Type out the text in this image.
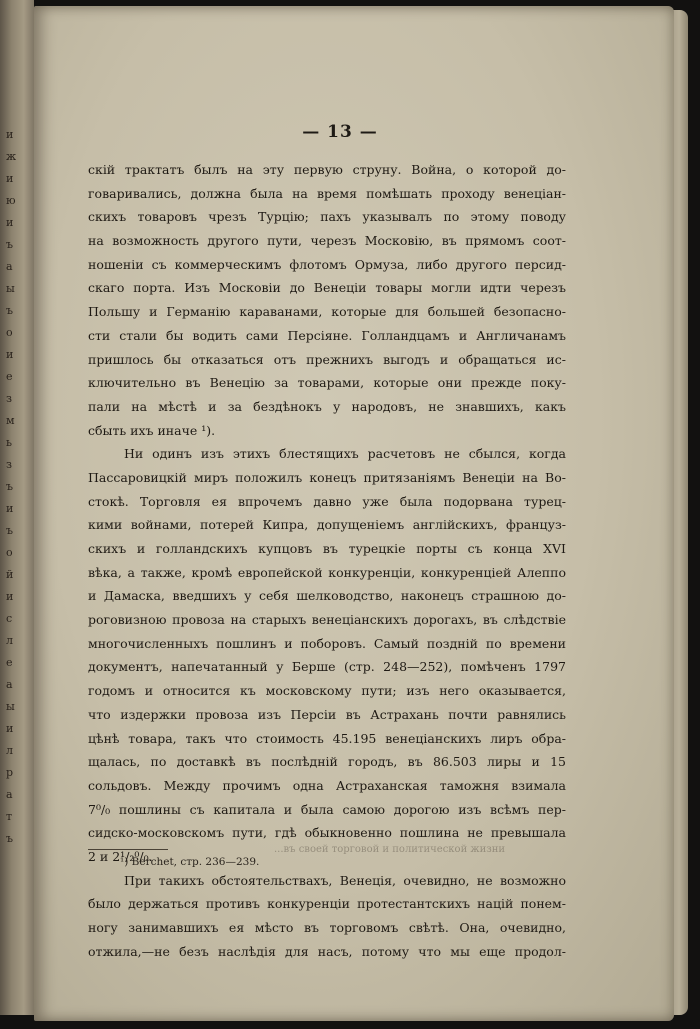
и
ж
и
ю
и
ъ
а
ы
ъ
о
и
е
з
м
ь
з
ъ
и
ъ
о
й
и
с
л
е
а
ы
и
л
р
а
т
ъ
— 13 —
скій трактатъ былъ на эту первую струну. Война, о которой до-
говаривались, должна была на время помѣшать проходу венеціан-
скихъ товаровъ чрезъ Турцію; пахъ указывалъ по этому поводу
на возможность другого пути, черезъ Московію, въ прямомъ соот-
ношеніи съ коммерческимъ флотомъ Ормуза, либо другого персид-
скаго порта. Изъ Московіи до Венеціи товары могли идти черезъ
Польшу и Германію караванами, которые для большей безопасно-
сти стали бы водить сами Персіяне. Голландцамъ и Англичанамъ
пришлось бы отказаться отъ прежнихъ выгодъ и обращаться ис-
ключительно въ Венецію за товарами, которые они прежде поку-
пали на мѣстѣ и за бездѣнокъ у народовъ, не знавшихъ, какъ
сбыть ихъ иначе ¹).
Ни одинъ изъ этихъ блестящихъ расчетовъ не сбылся, когда
Пассаровицкій миръ положилъ конецъ притязаніямъ Венеціи на Во-
стокѣ. Торговля ея впрочемъ давно уже была подорвана турец-
кими войнами, потерей Кипра, допущеніемъ англійскихъ, француз-
скихъ и голландскихъ купцовъ въ турецкіе порты съ конца XVI
вѣка, а также, кромѣ европейской конкуренціи, конкуренціей Алеппо
и Дамаска, введшихъ у себя шелководство, наконецъ страшною до-
роговизною провоза на старыхъ венеціанскихъ дорогахъ, въ слѣдствіе
многочисленныхъ пошлинъ и поборовъ. Самый поздній по времени
документъ, напечатанный у Берше (стр. 248—252), помѣченъ 1797
годомъ и относится къ московскому пути; изъ него оказывается,
что издержки провоза изъ Персіи въ Астрахань почти равнялись
цѣнѣ товара, такъ что стоимость 45.195 венеціанскихъ лиръ обра-
щалась, по доставкѣ въ послѣдній городъ, въ 86.503 лиры и 15
сольдовъ. Между прочимъ одна Астраханская таможня взимала
7⁰/₀ пошлины съ капитала и была самою дорогою изъ всѣмъ пер-
сидско-московскомъ пути, гдѣ обыкновенно пошлина не превышала
2 и 2¹/₂⁰/₀.
При такихъ обстоятельствахъ, Венеція, очевидно, не возможно
было держаться противъ конкуренціи протестантскихъ націй понем-
ногу занимавшихъ ея мѣсто въ торговомъ свѣтѣ. Она, очевидно,
отжила,—не безъ наслѣдія для насъ, потому что мы еще продол-
...въ своей торговой и политической жизни
¹) Berchet, стр. 236—239.
